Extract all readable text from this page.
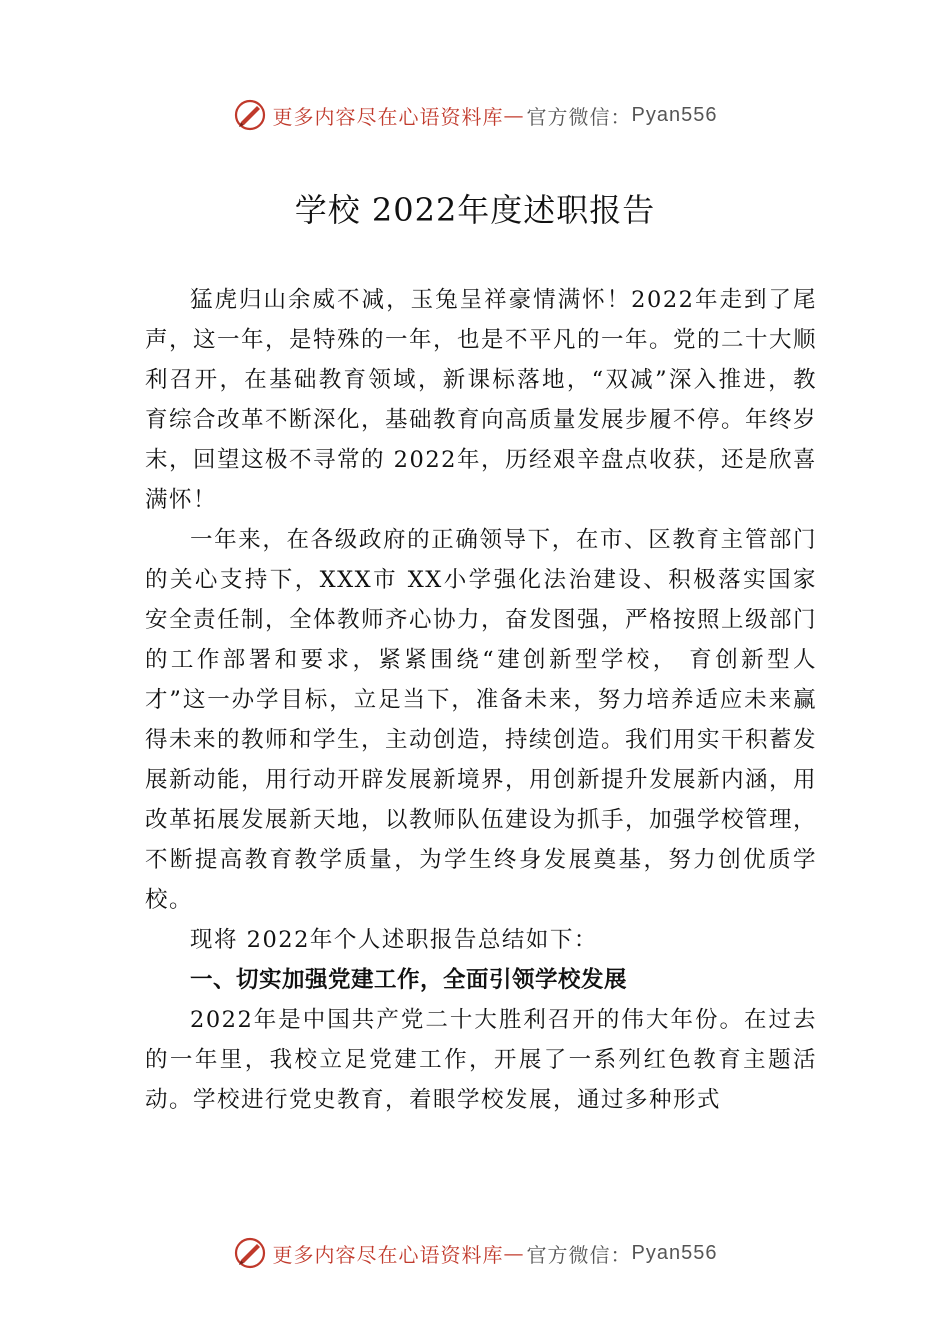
更多内容尽在心语资料库 — 官方微信： Pyan556
学校 2022年度述职报告

猛虎归山余威不减，玉兔呈祥豪情满怀！2022年走到了尾声，这一年，是特殊的一年，也是不平凡的一年。党的二十大顺利召开，在基础教育领域，新课标落地，“双减”深入推进，教育综合改革不断深化，基础教育向高质量发展步履不停。年终岁末，回望这极不寻常的 2022年，历经艰辛盘点收获，还是欣喜满怀！

一年来，在各级政府的正确领导下，在市、区教育主管部门的关心支持下，XXX市 XX小学强化法治建设、积极落实国家安全责任制，全体教师齐心协力，奋发图强，严格按照上级部门的工作部署和要求，紧紧围绕“建创新型学校， 育创新型人才”这一办学目标，立足当下，准备未来，努力培养适应未来赢得未来的教师和学生，主动创造，持续创造。我们用实干积蓄发展新动能，用行动开辟发展新境界，用创新提升发展新内涵，用改革拓展发展新天地，以教师队伍建设为抓手，加强学校管理，不断提高教育教学质量，为学生终身发展奠基，努力创优质学校。

现将 2022年个人述职报告总结如下：

一、切实加强党建工作，全面引领学校发展

2022年是中国共产党二十大胜利召开的伟大年份。在过去的一年里，我校立足党建工作，开展了一系列红色教育主题活动。学校进行党史教育，着眼学校发展，通过多种形式

更多内容尽在心语资料库 — 官方微信： Pyan556
